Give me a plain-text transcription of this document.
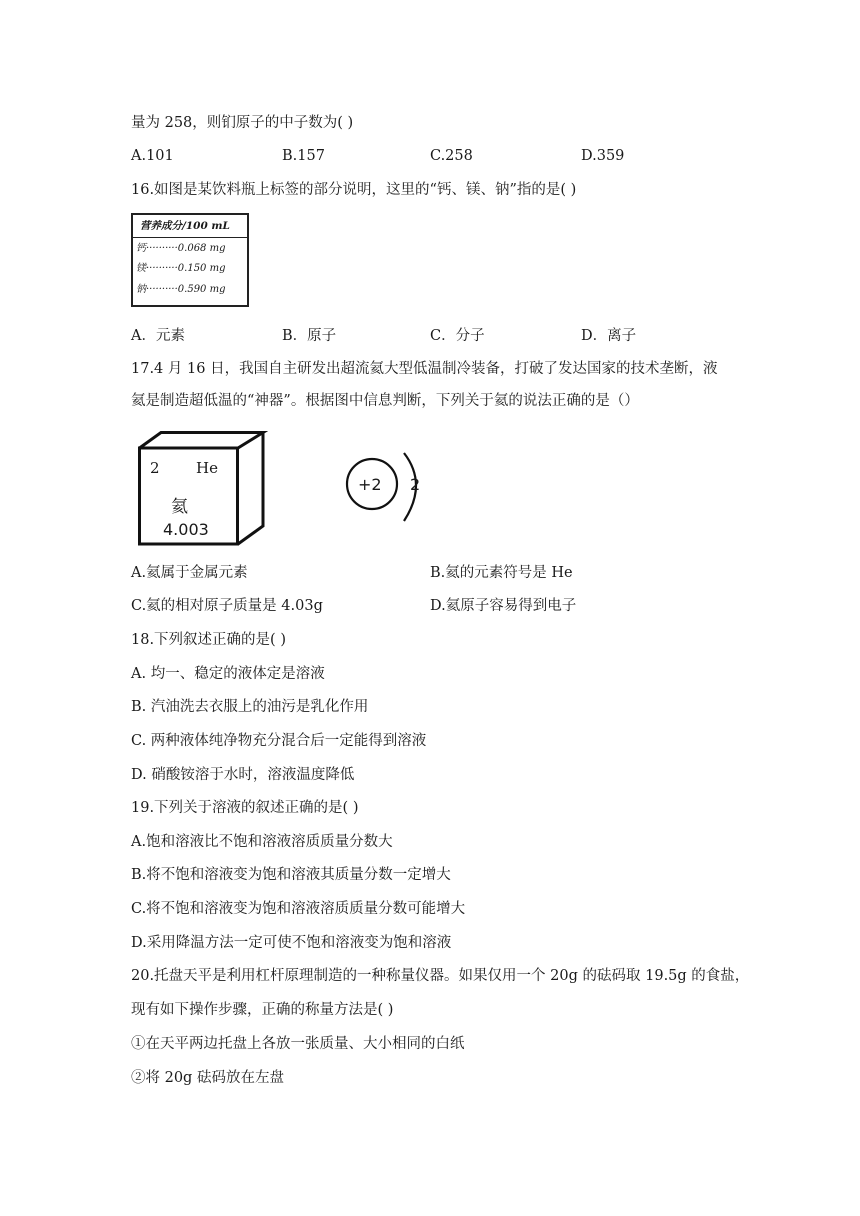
量为 258，则钔原子的中子数为( )
A.101	B.157	C.258	D.359
16.如图是某饮料瓶上标签的部分说明，这里的“钙、镁、钠”指的是( )
营养成分/100 mL
钙··········0.068 mg
镁··········0.150 mg
钠··········0.590 mg
A．元素	B．原子	C．分子	D．离子
17.4 月 16 日，我国自主研发出超流氦大型低温制冷装备，打破了发达国家的技术垄断，液
氦是制造超低温的“神器”。根据图中信息判断，下列关于氦的说法正确的是（）
2 He
氦
4.003
+2 2
A.氦属于金属元素	B.氦的元素符号是 He
C.氦的相对原子质量是 4.03g	D.氦原子容易得到电子
18.下列叙述正确的是( )
A. 均一、稳定的液体定是溶液
B. 汽油洗去衣服上的油污是乳化作用
C. 两种液体纯净物充分混合后一定能得到溶液
D. 硝酸铵溶于水时，溶液温度降低
19.下列关于溶液的叙述正确的是( )
A.饱和溶液比不饱和溶液溶质质量分数大
B.将不饱和溶液变为饱和溶液其质量分数一定增大
C.将不饱和溶液变为饱和溶液溶质质量分数可能增大
D.采用降温方法一定可使不饱和溶液变为饱和溶液
20.托盘天平是利用杠杆原理制造的一种称量仪器。如果仅用一个 20g 的砝码取 19.5g 的食盐，
现有如下操作步骤，正确的称量方法是( )
①在天平两边托盘上各放一张质量、大小相同的白纸
②将 20g 砝码放在左盘
